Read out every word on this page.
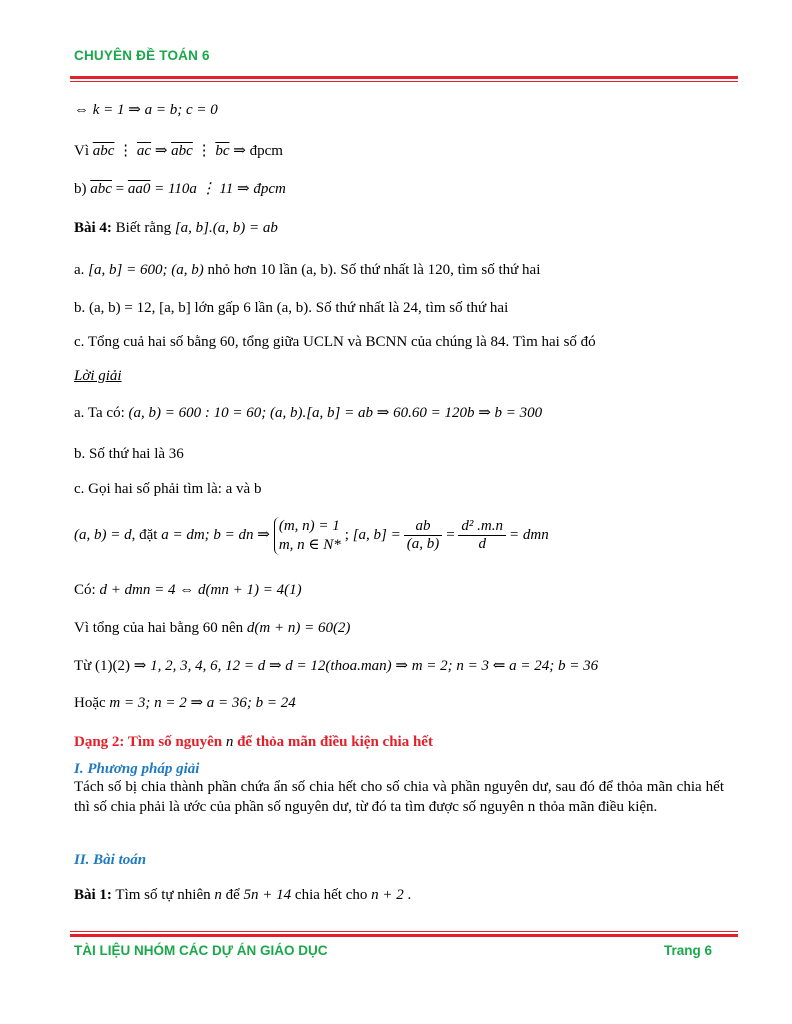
CHUYÊN ĐỀ TOÁN 6
⇔ k = 1 ⇒ a = b; c = 0
Vì $\overline{abc}$ ⋮ $\overline{ac}$ ⇒ $\overline{abc}$ ⋮ $\overline{bc}$ ⇒ đpcm
b) $\overline{abc} = aa0 = 110a$ ⋮ 11 ⇒ đpcm
Bài 4: Biết rằng [a, b].(a, b) = ab
a. [a, b] = 600; (a, b) nhỏ hơn 10 lần (a, b). Số thứ nhất là 120, tìm số thứ hai
b. (a, b) = 12, [a, b] lớn gấp 6 lần (a, b). Số thứ nhất là 24, tìm số thứ hai
c. Tổng cuả hai số bằng 60, tổng giữa UCLN và BCNN của chúng là 84. Tìm hai số đó
Lời giải
a. Ta có: (a, b) = 600 : 10 = 60; (a, b).[a, b] = ab ⇒ 60.60 = 120b ⇒ b = 300
b. Số thứ hai là 36
c. Gọi hai số phải tìm là: a và b
(a, b) = d, đặt a = dm; b = dn ⇒
(m, n) = 1
m, n ∈ N*
; [a, $b] = \frac{ab}{(a, b)} = \frac{\text{d² .m.n}}{d}$ = dmn
Có: d + dmn = 4 ⇔ d(mn + 1) = 4(1)
Vì tổng của hai bằng 60 nên d(m + n) = 60(2)
Từ (1)(2) ⇒ 1, 2, 3, 4, 6, 12 = d ⇒ d = 12(thoa.man) ⇒ m = 2; n = 3 ⇐ a = 24; b = 36
Hoặc m = 3; n = 2 ⇒ a = 36; b = 24
Dạng 2: Tìm số nguyên n để thỏa mãn điều kiện chia hết
I. Phương pháp giải
Tách số bị chia thành phần chứa ẩn số chia hết cho số chia và phần nguyên dư, sau đó để thỏa mãn chia hết thì số chia phải là ước của phần số nguyên dư, từ đó ta tìm được số nguyên n thỏa mãn điều kiện.
II. Bài toán
Bài 1: Tìm số tự nhiên n để 5n + 14 chia hết cho n + 2 .
TÀI LIỆU NHÓM CÁC DỰ ÁN GIÁO DỤC	Trang 6
